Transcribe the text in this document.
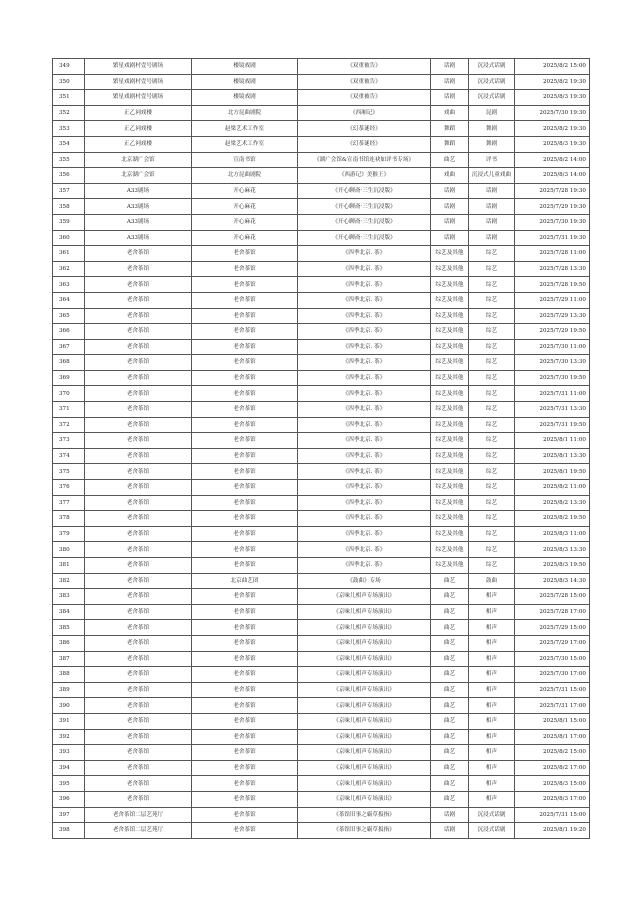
349	繁星戏剧村壹号剧场	楼镜戏剧	《双重被告》	话剧	沉浸式话剧	2025/8/2 15:00
350	繁星戏剧村壹号剧场	楼镜戏剧	《双重被告》	话剧	沉浸式话剧	2025/8/2 19:30
351	繁星戏剧村壹号剧场	楼镜戏剧	《双重被告》	话剧	沉浸式话剧	2025/8/3 19:30
352	正乙祠戏楼	北方昆曲剧院	《西厢记》	戏曲	昆剧	2025/7/30 19:30
353	正乙祠戏楼	赵梁艺术工作室	《幻茶谜经》	舞蹈	舞剧	2025/8/2 19:30
354	正乙祠戏楼	赵梁艺术工作室	《幻茶谜经》	舞蹈	舞剧	2025/8/3 19:30
355	北京湖广会馆	宣南书馆	《湖广会馆&宣南书馆连袂如评书专场》	曲艺	评书	2025/8/2 14:00
356	北京湖广会馆	北方昆曲剧院	《西游记》美猴王》	戏曲	沉浸式儿童戏曲	2025/8/3 14:00
357	A33剧场	开心麻花	《开心聊斋·三生沉浸版》	话剧	话剧	2025/7/28 19:30
358	A33剧场	开心麻花	《开心聊斋·三生沉浸版》	话剧	话剧	2025/7/29 19:30
359	A33剧场	开心麻花	《开心聊斋·三生沉浸版》	话剧	话剧	2025/7/30 19:30
360	A33剧场	开心麻花	《开心聊斋·三生沉浸版》	话剧	话剧	2025/7/31 19:30
361	老舍茶馆	老舍茶馆	《四季北京. 茶》	综艺及其他	综艺	2025/7/28 11:00
362	老舍茶馆	老舍茶馆	《四季北京. 茶》	综艺及其他	综艺	2025/7/28 13:30
363	老舍茶馆	老舍茶馆	《四季北京. 茶》	综艺及其他	综艺	2025/7/28 19:50
364	老舍茶馆	老舍茶馆	《四季北京. 茶》	综艺及其他	综艺	2025/7/29 11:00
365	老舍茶馆	老舍茶馆	《四季北京. 茶》	综艺及其他	综艺	2025/7/29 13:30
366	老舍茶馆	老舍茶馆	《四季北京. 茶》	综艺及其他	综艺	2025/7/29 19:50
367	老舍茶馆	老舍茶馆	《四季北京. 茶》	综艺及其他	综艺	2025/7/30 11:00
368	老舍茶馆	老舍茶馆	《四季北京. 茶》	综艺及其他	综艺	2025/7/30 13:30
369	老舍茶馆	老舍茶馆	《四季北京. 茶》	综艺及其他	综艺	2025/7/30 19:50
370	老舍茶馆	老舍茶馆	《四季北京. 茶》	综艺及其他	综艺	2025/7/31 11:00
371	老舍茶馆	老舍茶馆	《四季北京. 茶》	综艺及其他	综艺	2025/7/31 13:30
372	老舍茶馆	老舍茶馆	《四季北京. 茶》	综艺及其他	综艺	2025/7/31 19:50
373	老舍茶馆	老舍茶馆	《四季北京. 茶》	综艺及其他	综艺	2025/8/1 11:00
374	老舍茶馆	老舍茶馆	《四季北京. 茶》	综艺及其他	综艺	2025/8/1 13:30
375	老舍茶馆	老舍茶馆	《四季北京. 茶》	综艺及其他	综艺	2025/8/1 19:50
376	老舍茶馆	老舍茶馆	《四季北京. 茶》	综艺及其他	综艺	2025/8/2 11:00
377	老舍茶馆	老舍茶馆	《四季北京. 茶》	综艺及其他	综艺	2025/8/2 13:30
378	老舍茶馆	老舍茶馆	《四季北京. 茶》	综艺及其他	综艺	2025/8/2 19:50
379	老舍茶馆	老舍茶馆	《四季北京. 茶》	综艺及其他	综艺	2025/8/3 11:00
380	老舍茶馆	老舍茶馆	《四季北京. 茶》	综艺及其他	综艺	2025/8/3 13:30
381	老舍茶馆	老舍茶馆	《四季北京. 茶》	综艺及其他	综艺	2025/8/3 19:50
382	老舍茶馆	北京曲艺团	《鼓曲》专场	曲艺	鼓曲	2025/8/3 14:30
383	老舍茶馆	老舍茶馆	《京味儿相声专场演出》	曲艺	相声	2025/7/28 15:00
384	老舍茶馆	老舍茶馆	《京味儿相声专场演出》	曲艺	相声	2025/7/28 17:00
385	老舍茶馆	老舍茶馆	《京味儿相声专场演出》	曲艺	相声	2025/7/29 15:00
386	老舍茶馆	老舍茶馆	《京味儿相声专场演出》	曲艺	相声	2025/7/29 17:00
387	老舍茶馆	老舍茶馆	《京味儿相声专场演出》	曲艺	相声	2025/7/30 15:00
388	老舍茶馆	老舍茶馆	《京味儿相声专场演出》	曲艺	相声	2025/7/30 17:00
389	老舍茶馆	老舍茶馆	《京味儿相声专场演出》	曲艺	相声	2025/7/31 15:00
390	老舍茶馆	老舍茶馆	《京味儿相声专场演出》	曲艺	相声	2025/7/31 17:00
391	老舍茶馆	老舍茶馆	《京味儿相声专场演出》	曲艺	相声	2025/8/1 15:00
392	老舍茶馆	老舍茶馆	《京味儿相声专场演出》	曲艺	相声	2025/8/1 17:00
393	老舍茶馆	老舍茶馆	《京味儿相声专场演出》	曲艺	相声	2025/8/2 15:00
394	老舍茶馆	老舍茶馆	《京味儿相声专场演出》	曲艺	相声	2025/8/2 17:00
395	老舍茶馆	老舍茶馆	《京味儿相声专场演出》	曲艺	相声	2025/8/3 15:00
396	老舍茶馆	老舍茶馆	《京味儿相声专场演出》	曲艺	相声	2025/8/3 17:00
397	老舍茶馆二层艺苑厅	老舍茶馆	《茶馆旧事之霸草扳指》	话剧	沉浸式话剧	2025/7/31 15:00
398	老舍茶馆二层艺苑厅	老舍茶馆	《茶馆旧事之霸草扳指》	话剧	沉浸式话剧	2025/8/1 19:20
